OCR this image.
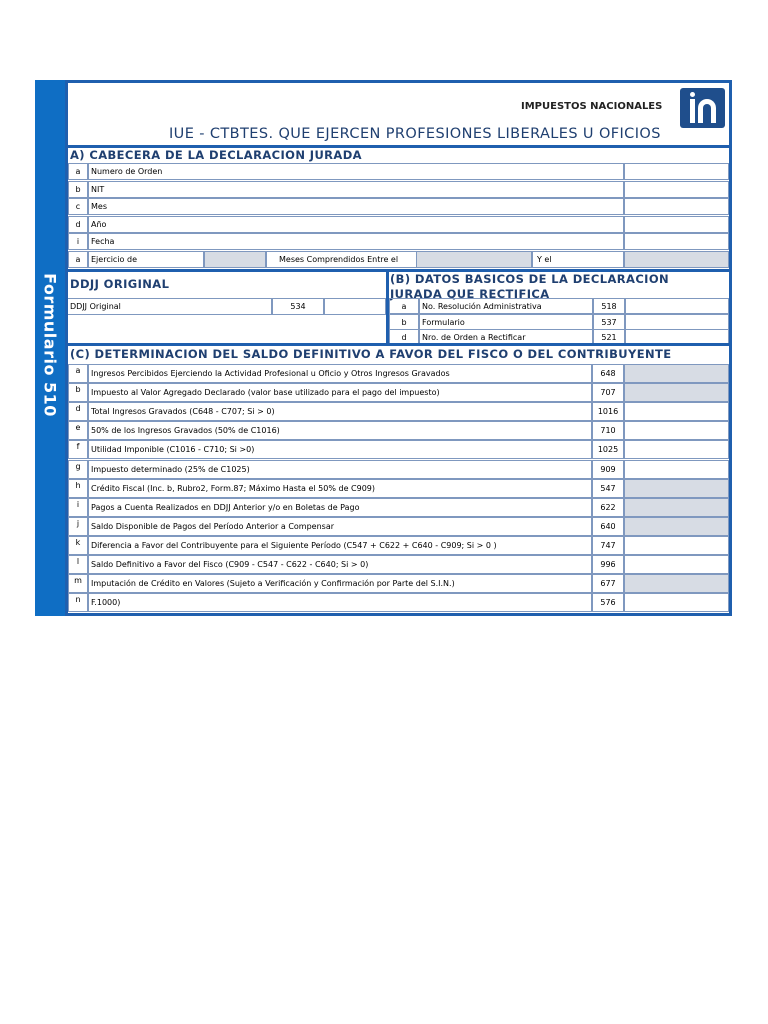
Formulario 510
IMPUESTOS NACIONALES
IUE - CTBTES. QUE EJERCEN PROFESIONES LIBERALES U OFICIOS
A) CABECERA DE LA DECLARACION JURADA
a	Numero de Orden
b	NIT
c	Mes
d	Año
i	Fecha
a	Ejercicio de	Meses Comprendidos Entre el	Y el
DDJJ ORIGINAL
DDJJ Original	534
(B) DATOS BASICOS DE LA DECLARACION
JURADA QUE RECTIFICA
a	No. Resolución Administrativa	518
b	Formulario	537
d	Nro. de Orden a Rectificar	521
(C) DETERMINACION DEL SALDO DEFINITIVO A FAVOR DEL FISCO O DEL CONTRIBUYENTE
a	Ingresos Percibidos Ejerciendo la Actividad Profesional u Oficio y Otros Ingresos Gravados	648
b	Impuesto al Valor Agregado Declarado (valor base utilizado para el pago del impuesto)	707
d	Total Ingresos Gravados (C648 - C707; Si > 0)	1016
e	50% de los Ingresos Gravados (50% de C1016)	710
f	Utilidad Imponible (C1016 - C710; Si >0)	1025
g	Impuesto determinado (25% de C1025)	909
h	Crédito Fiscal (Inc. b, Rubro2, Form.87; Máximo Hasta el 50% de C909)	547
i	Pagos a Cuenta Realizados en DDJJ Anterior y/o en Boletas de Pago	622
j	Saldo Disponible de Pagos del Período Anterior a Compensar	640
k	Diferencia a Favor del Contribuyente para el Siguiente Período (C547 + C622 + C640 - C909; Si > 0 )	747
l	Saldo Definitivo a Favor del Fisco (C909 - C547 - C622 - C640; Si > 0)	996
m	Imputación de Crédito en Valores (Sujeto a Verificación y Confirmación por Parte del S.I.N.)	677
n	F.1000)	576
